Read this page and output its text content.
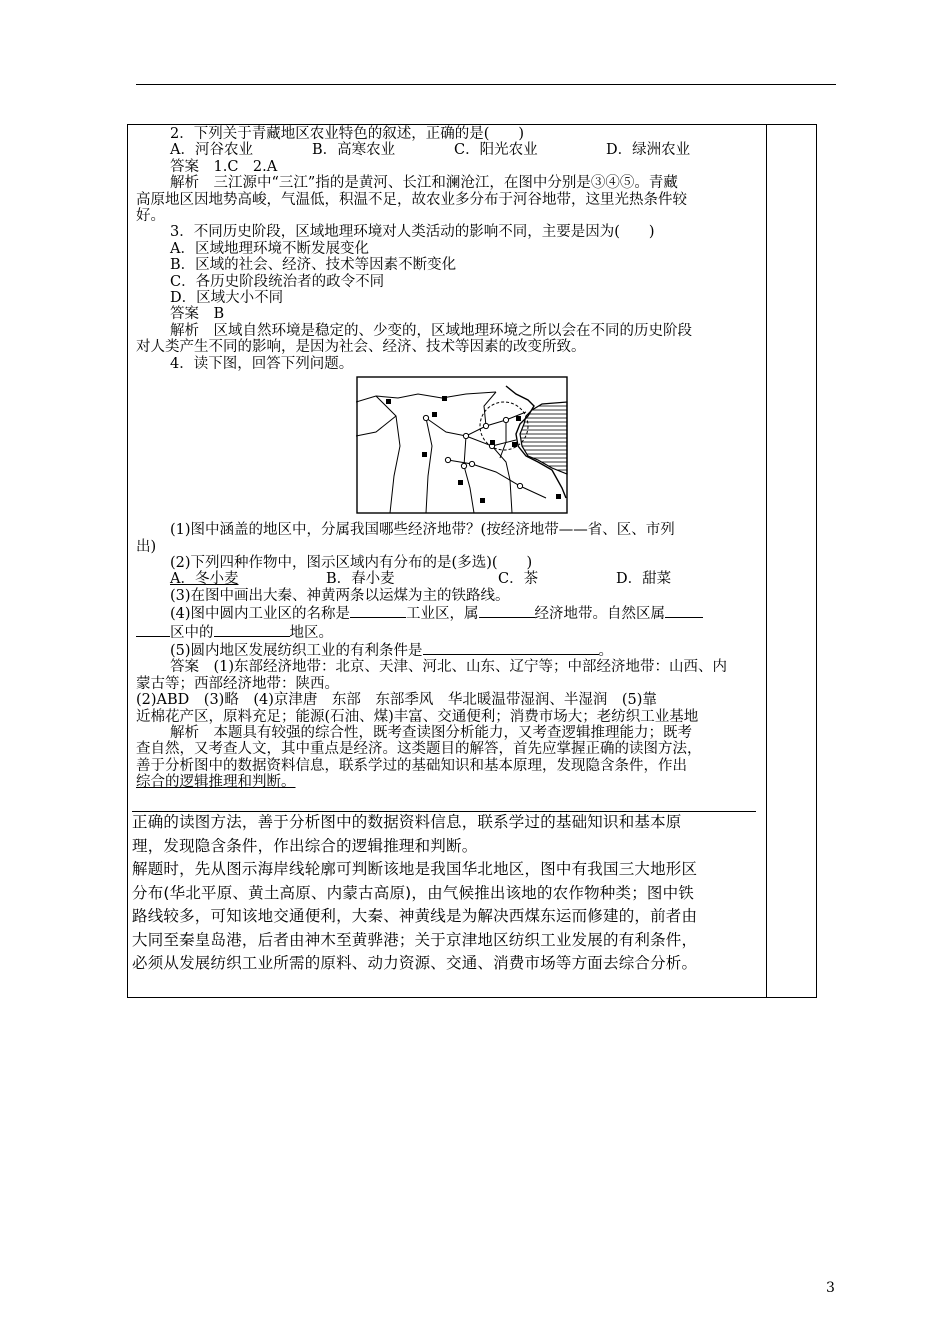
2．下列关于青藏地区农业特色的叙述，正确的是(　　)
A．河谷农业	B．高寒农业	C．阳光农业	D．绿洲农业
答案　1.C　2.A
解析　三江源中“三江”指的是黄河、长江和澜沧江，在图中分别是③④⑤。青藏
高原地区因地势高峻，气温低，积温不足，故农业多分布于河谷地带，这里光热条件较
好。
3．不同历史阶段，区域地理环境对人类活动的影响不同，主要是因为(　　)
A．区域地理环境不断发展变化
B．区域的社会、经济、技术等因素不断变化
C．各历史阶段统治者的政令不同
D．区域大小不同
答案　B
解析　区域自然环境是稳定的、少变的，区域地理环境之所以会在不同的历史阶段
对人类产生不同的影响，是因为社会、经济、技术等因素的改变所致。
4．读下图，回答下列问题。
(1)图中涵盖的地区中，分属我国哪些经济地带？(按经济地带——省、区、市列
出)
(2)下列四种作物中，图示区域内有分布的是(多选)(　　)
A．冬小麦	B．春小麦	C．茶	D．甜菜
(3)在图中画出大秦、神黄两条以运煤为主的铁路线。
(4)图中圆内工业区的名称是	工业区，属	经济地带。自然区属
区中的	地区。
(5)圆内地区发展纺织工业的有利条件是	。
答案　(1)东部经济地带：北京、天津、河北、山东、辽宁等；中部经济地带：山西、内
蒙古等；西部经济地带：陕西。
(2)ABD　(3)略　(4)京津唐　东部　东部季风　华北暖温带湿润、半湿润　(5)靠
近棉花产区，原料充足；能源(石油、煤)丰富、交通便利；消费市场大；老纺织工业基地
解析　本题具有较强的综合性，既考查读图分析能力，又考查逻辑推理能力；既考
查自然，又考查人文，其中重点是经济。这类题目的解答，首先应掌握正确的读图方法，
善于分析图中的数据资料信息，联系学过的基础知识和基本原理，发现隐含条件，作出
综合的逻辑推理和判断。
正确的读图方法，善于分析图中的数据资料信息，联系学过的基础知识和基本原
理，发现隐含条件，作出综合的逻辑推理和判断。
解题时，先从图示海岸线轮廓可判断该地是我国华北地区，图中有我国三大地形区
分布(华北平原、黄土高原、内蒙古高原)，由气候推出该地的农作物种类；图中铁
路线较多，可知该地交通便利，大秦、神黄线是为解决西煤东运而修建的，前者由
大同至秦皇岛港，后者由神木至黄骅港；关于京津地区纺织工业发展的有利条件，
必须从发展纺织工业所需的原料、动力资源、交通、消费市场等方面去综合分析。
3
